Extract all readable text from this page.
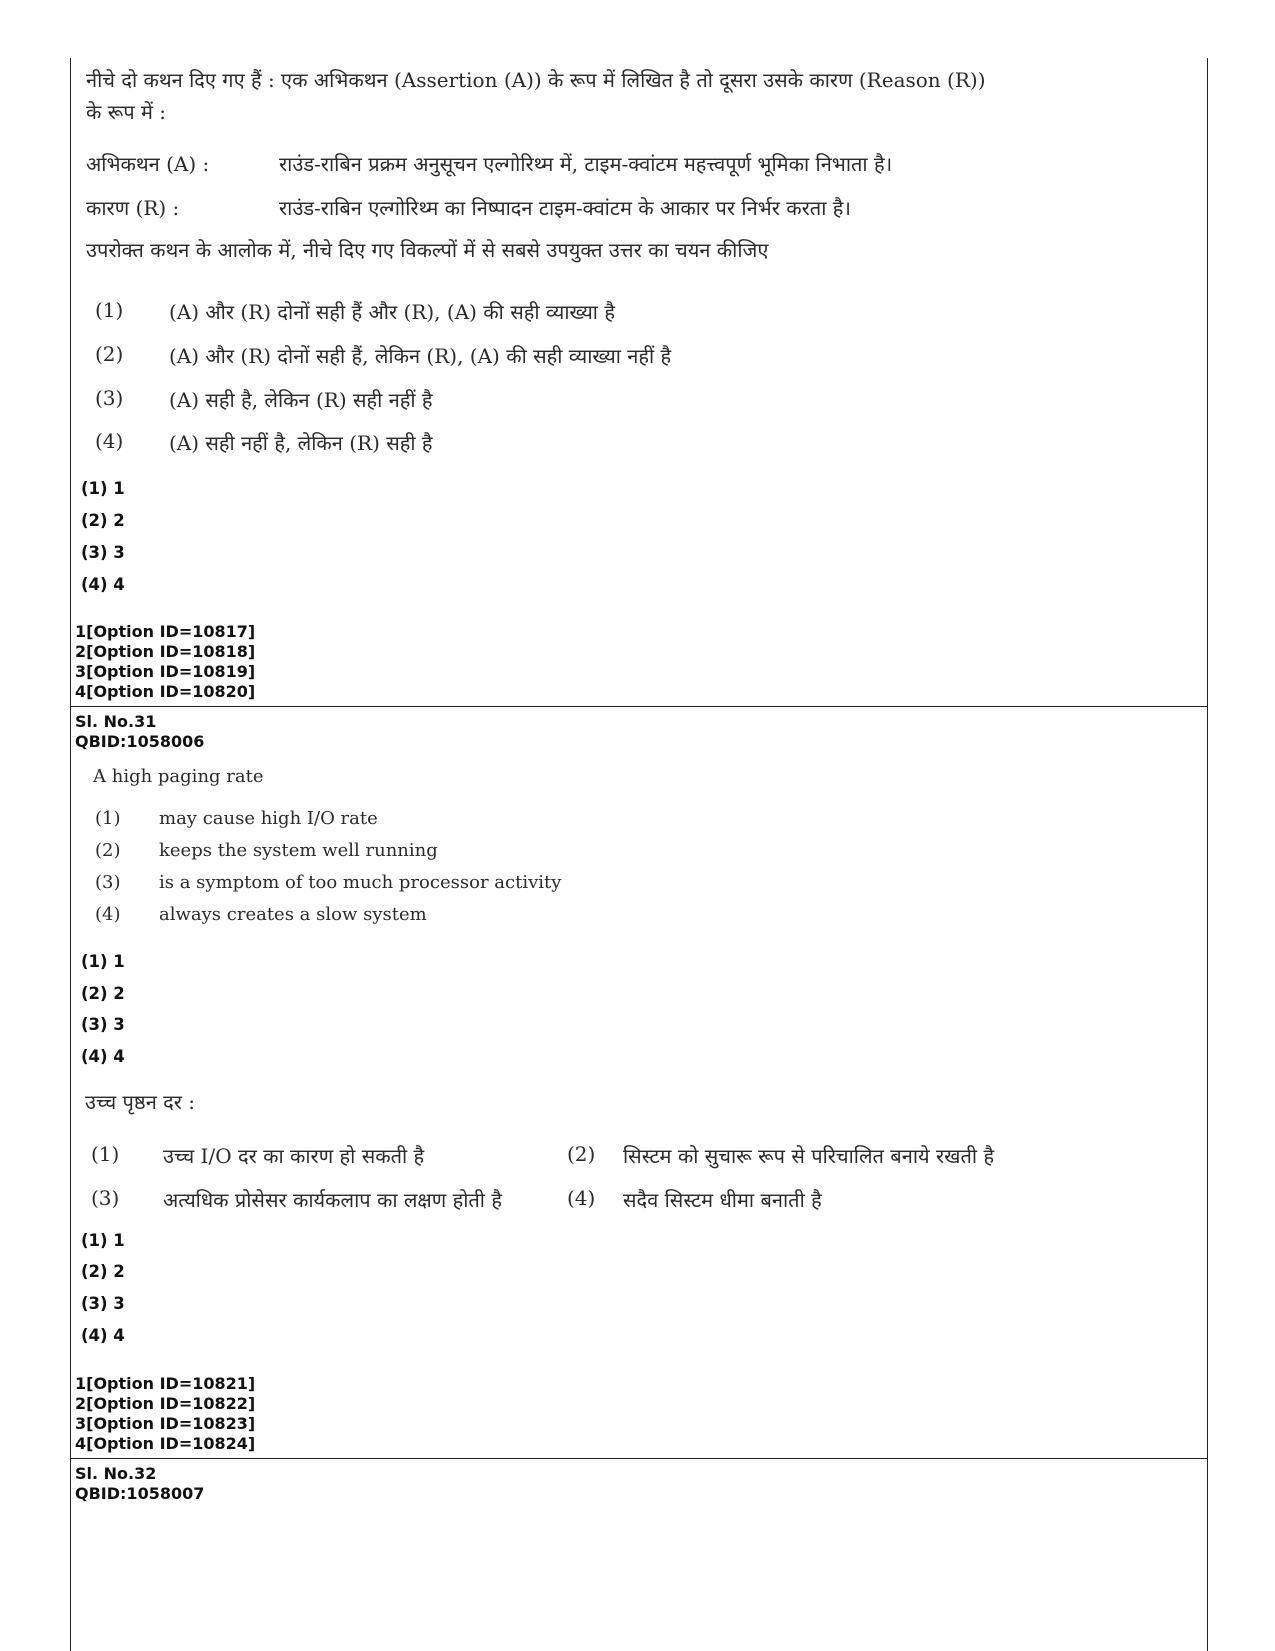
नीचे दो कथन दिए गए हैं : एक अभिकथन (Assertion (A)) के रूप में लिखित है तो दूसरा उसके कारण (Reason (R))
के रूप में :
अभिकथन (A) :	राउंड-राबिन प्रक्रम अनुसूचन एल्गोरिथ्म में, टाइम-क्वांटम महत्त्वपूर्ण भूमिका निभाता है।
कारण (R) :	राउंड-राबिन एल्गोरिथ्म का निष्पादन टाइम-क्वांटम के आकार पर निर्भर करता है।
उपरोक्त कथन के आलोक में, नीचे दिए गए विकल्पों में से सबसे उपयुक्त उत्तर का चयन कीजिए
(1) (A) और (R) दोनों सही हैं और (R), (A) की सही व्याख्या है
(2) (A) और (R) दोनों सही हैं, लेकिन (R), (A) की सही व्याख्या नहीं है
(3) (A) सही है, लेकिन (R) सही नहीं है
(4) (A) सही नहीं है, लेकिन (R) सही है
(1) 1
(2) 2
(3) 3
(4) 4
1[Option ID=10817]
2[Option ID=10818]
3[Option ID=10819]
4[Option ID=10820]
Sl. No.31
QBID:1058006
A high paging rate
(1) may cause high I/O rate
(2) keeps the system well running
(3) is a symptom of too much processor activity
(4) always creates a slow system
(1) 1
(2) 2
(3) 3
(4) 4
उच्च पृष्ठन दर :
(1) उच्च I/O दर का कारण हो सकती है	(2) सिस्टम को सुचारू रूप से परिचालित बनाये रखती है
(3) अत्यधिक प्रोसेसर कार्यकलाप का लक्षण होती है	(4) सदैव सिस्टम धीमा बनाती है
(1) 1
(2) 2
(3) 3
(4) 4
1[Option ID=10821]
2[Option ID=10822]
3[Option ID=10823]
4[Option ID=10824]
Sl. No.32
QBID:1058007
